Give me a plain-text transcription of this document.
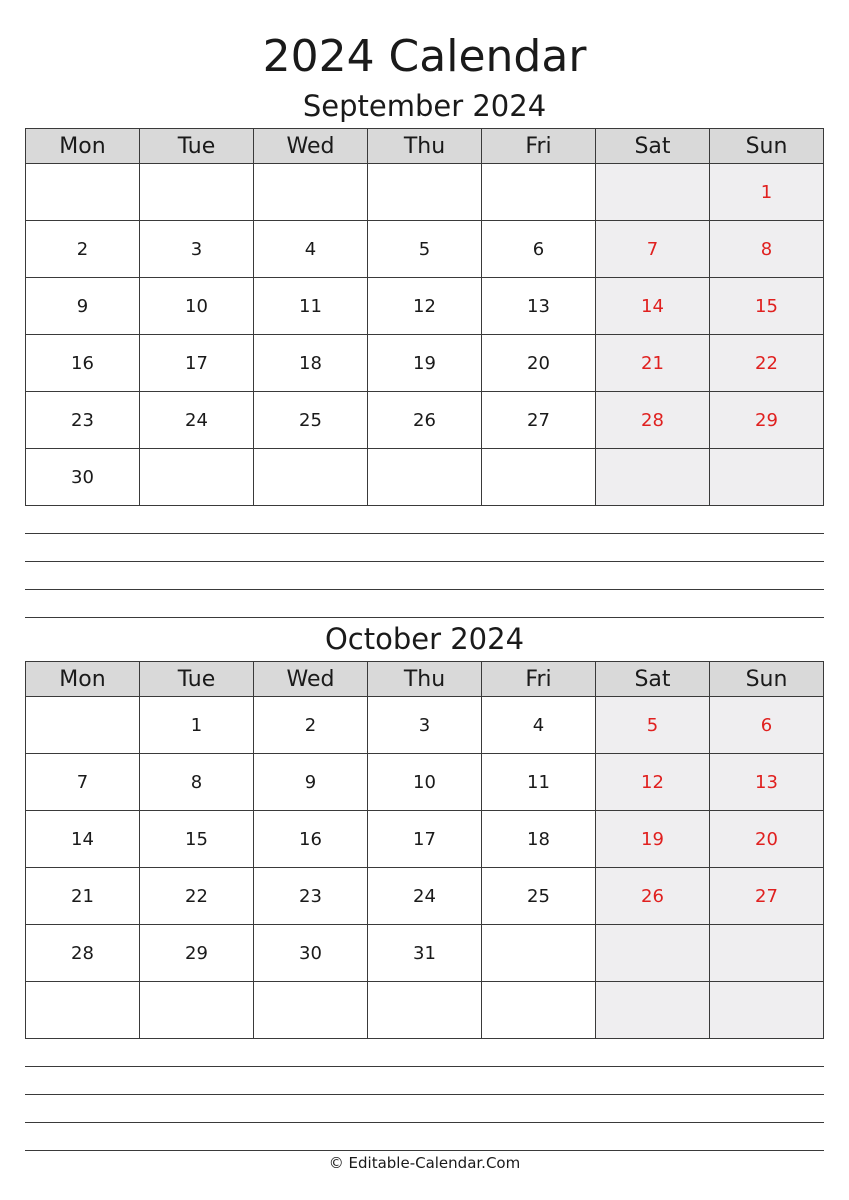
2024 Calendar
September 2024
Mon	Tue	Wed	Thu	Fri	Sat	Sun
						1
2	3	4	5	6	7	8
9	10	11	12	13	14	15
16	17	18	19	20	21	22
23	24	25	26	27	28	29
30						
October 2024
Mon	Tue	Wed	Thu	Fri	Sat	Sun
	1	2	3	4	5	6
7	8	9	10	11	12	13
14	15	16	17	18	19	20
21	22	23	24	25	26	27
28	29	30	31			

© Editable-Calendar.Com
